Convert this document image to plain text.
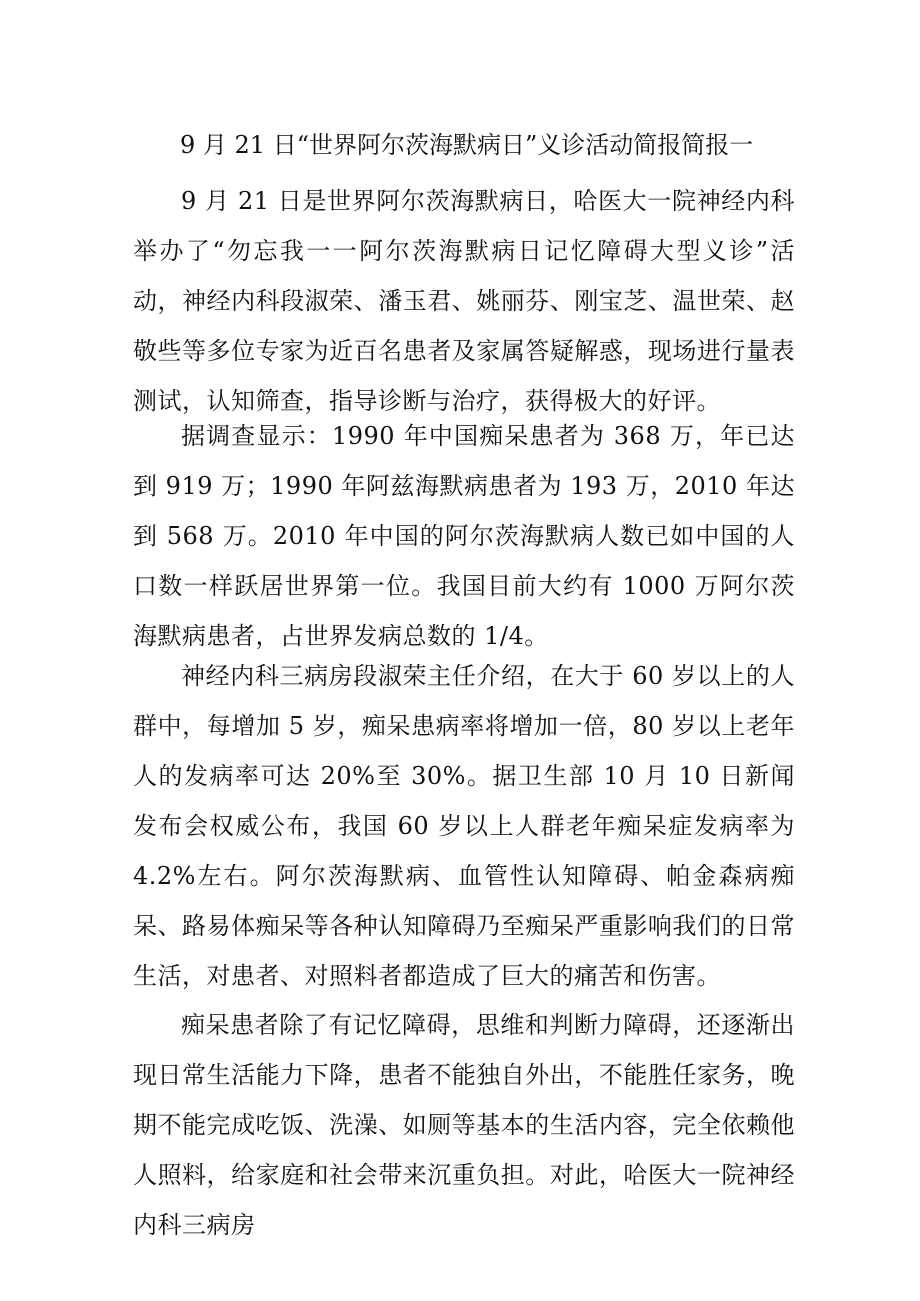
9 月 21 日“世界阿尔茨海默病日”义诊活动简报简报一
9 月 21 日是世界阿尔茨海默病日，哈医大一院神经内科举办了“勿忘我一一阿尔茨海默病日记忆障碍大型义诊”活动，神经内科段淑荣、潘玉君、姚丽芬、刚宝芝、温世荣、赵敬些等多位专家为近百名患者及家属答疑解惑，现场进行量表测试，认知筛查，指导诊断与治疗，获得极大的好评。
据调查显示：1990 年中国痴呆患者为 368 万，年已达到 919 万；1990 年阿兹海默病患者为 193 万，2010 年达到 568 万。2010 年中国的阿尔茨海默病人数已如中国的人口数一样跃居世界第一位。我国目前大约有 1000 万阿尔茨海默病患者，占世界发病总数的 1/4。
神经内科三病房段淑荣主任介绍，在大于 60 岁以上的人群中，每增加 5 岁，痴呆患病率将增加一倍，80 岁以上老年人的发病率可达 20%至 30%。据卫生部 10 月 10 日新闻发布会权威公布，我国 60 岁以上人群老年痴呆症发病率为 4.2%左右。阿尔茨海默病、血管性认知障碍、帕金森病痴呆、路易体痴呆等各种认知障碍乃至痴呆严重影响我们的日常生活，对患者、对照料者都造成了巨大的痛苦和伤害。
痴呆患者除了有记忆障碍，思维和判断力障碍，还逐渐出现日常生活能力下降，患者不能独自外出，不能胜任家务，晚期不能完成吃饭、洗澡、如厕等基本的生活内容，完全依赖他人照料，给家庭和社会带来沉重负担。对此，哈医大一院神经内科三病房
